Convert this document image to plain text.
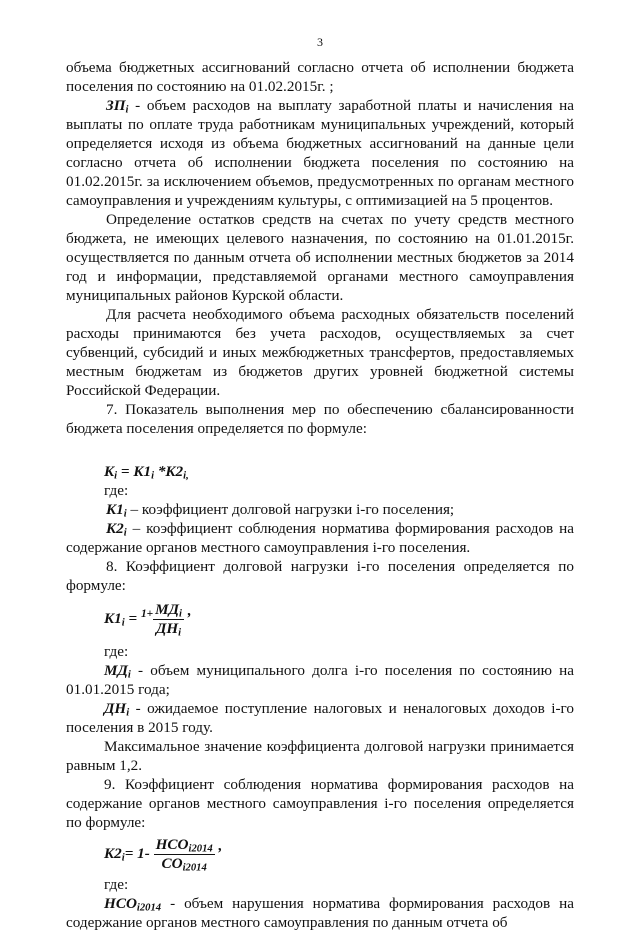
3

объема бюджетных ассигнований согласно отчета об исполнении бюджета поселения по состоянию на 01.02.2015г. ;

$ЗП_i$ - объем расходов на выплату заработной платы и начисления на выплаты по оплате труда работникам муниципальных учреждений, который определяется исходя из объема бюджетных ассигнований на данные цели согласно отчета об исполнении бюджета поселения по состоянию на 01.02.2015г. за исключением объемов, предусмотренных по органам местного самоуправления и учреждениям культуры, с оптимизацией на 5 процентов.

Определение остатков средств на счетах по учету средств местного бюджета, не имеющих целевого назначения, по состоянию на 01.01.2015г. осуществляется по данным отчета об исполнении местных бюджетов за 2014 год и информации, представляемой органами местного самоуправления муниципальных районов Курской области.

Для расчета необходимого объема расходных обязательств поселений расходы принимаются без учета расходов, осуществляемых за счет субвенций, субсидий и иных межбюджетных трансфертов, предоставляемых местным бюджетам из бюджетов других уровней бюджетной системы Российской Федерации.

7. Показатель выполнения мер по обеспечению сбалансированности бюджета поселения определяется по формуле:

$K_i = K1_i$ $*K2_{i,}$

где:

$K1_i$ – коэффициент долговой нагрузки i-го поселения;

$K2_i$ – коэффициент соблюдения норматива формирования расходов на содержание органов местного самоуправления i-го поселения.

8. Коэффициент долговой нагрузки i-го поселения определяется по формуле:

$K1_i = ^{1+} \frac{МД_i}{ДН_i}$ ,

где:

$МД_i$ - объем муниципального долга i-го поселения по состоянию на 01.01.2015 года;

$ДН_i$ - ожидаемое поступление налоговых и неналоговых доходов i-го поселения в 2015 году.

Максимальное значение коэффициента долговой нагрузки принимается равным 1,2.

9. Коэффициент соблюдения норматива формирования расходов на содержание органов местного самоуправления i-го поселения определяется по формуле:

$K2_i= 1- \frac{НСО_{i2014}}{СО_{i2014}}$ ,

где:

$НСО_{i2014}$ - объем нарушения норматива формирования расходов на содержание органов местного самоуправления по данным отчета об
